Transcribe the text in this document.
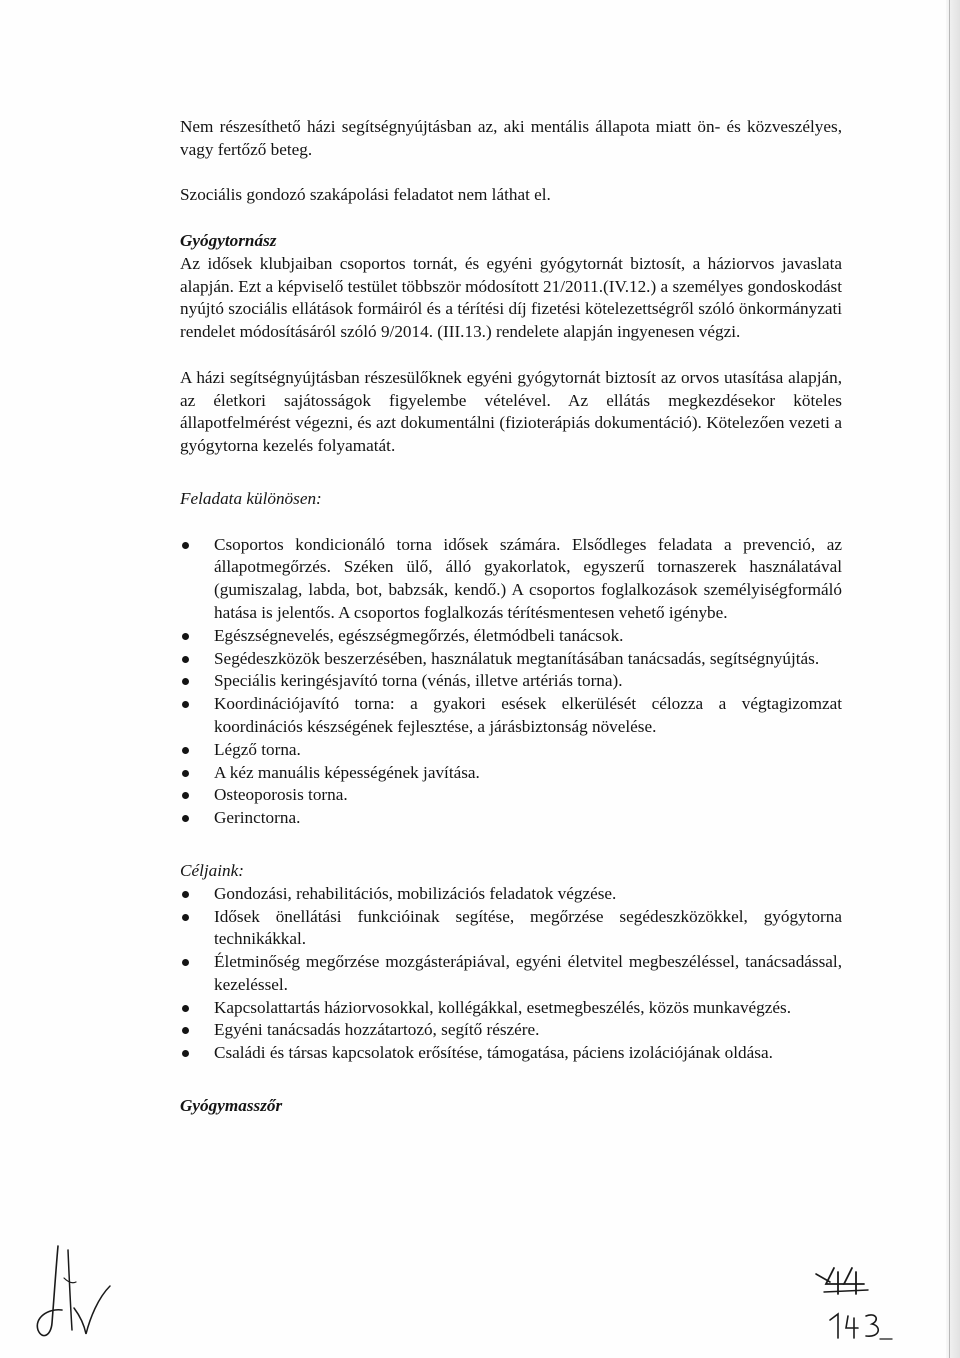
Nem részesíthető házi segítségnyújtásban az, aki mentális állapota miatt ön- és közveszélyes, vagy fertőző beteg.

Szociális gondozó szakápolási feladatot nem láthat el.

Gyógytornász

Az idősek klubjaiban csoportos tornát, és egyéni gyógytornát biztosít, a háziorvos javaslata alapján. Ezt a képviselő testület többször módosított 21/2011.(IV.12.) a személyes gondoskodást nyújtó szociális ellátások formáiról és a térítési díj fizetési kötelezettségről szóló önkormányzati rendelet módosításáról szóló 9/2014. (III.13.) rendelete alapján ingyenesen végzi.

A házi segítségnyújtásban részesülőknek egyéni gyógytornát biztosít az orvos utasítása alapján, az életkori sajátosságok figyelembe vételével. Az ellátás megkezdésekor köteles állapotfelmérést végezni, és azt dokumentálni (fizioterápiás dokumentáció). Kötelezően vezeti a gyógytorna kezelés folyamatát.

Feladata különösen:

Csoportos kondicionáló torna idősek számára. Elsődleges feladata a prevenció, az állapotmegőrzés. Széken ülő, álló gyakorlatok, egyszerű tornaszerek használatával (gumiszalag, labda, bot, babzsák, kendő.) A csoportos foglalkozások személyiségformáló hatása is jelentős. A csoportos foglalkozás térítésmentesen vehető igénybe.
Egészségnevelés, egészségmegőrzés, életmódbeli tanácsok.
Segédeszközök beszerzésében, használatuk megtanításában tanácsadás, segítségnyújtás.
Speciális keringésjavító torna (vénás, illetve artériás torna).
Koordinációjavító torna: a gyakori esések elkerülését célozza a végtagizomzat koordinációs készségének fejlesztése, a járásbiztonság növelése.
Légző torna.
A kéz manuális képességének javítása.
Osteoporosis torna.
Gerinctorna.

Céljaink:

Gondozási, rehabilitációs, mobilizációs feladatok végzése.
Idősek önellátási funkcióinak segítése, megőrzése segédeszközökkel, gyógytorna technikákkal.
Életminőség megőrzése mozgásterápiával, egyéni életvitel megbeszéléssel, tanácsadással, kezeléssel.
Kapcsolattartás háziorvosokkal, kollégákkal, esetmegbeszélés, közös munkavégzés.
Egyéni tanácsadás hozzátartozó, segítő részére.
Családi és társas kapcsolatok erősítése, támogatása, páciens izolációjának oldása.

Gyógymasszőr
